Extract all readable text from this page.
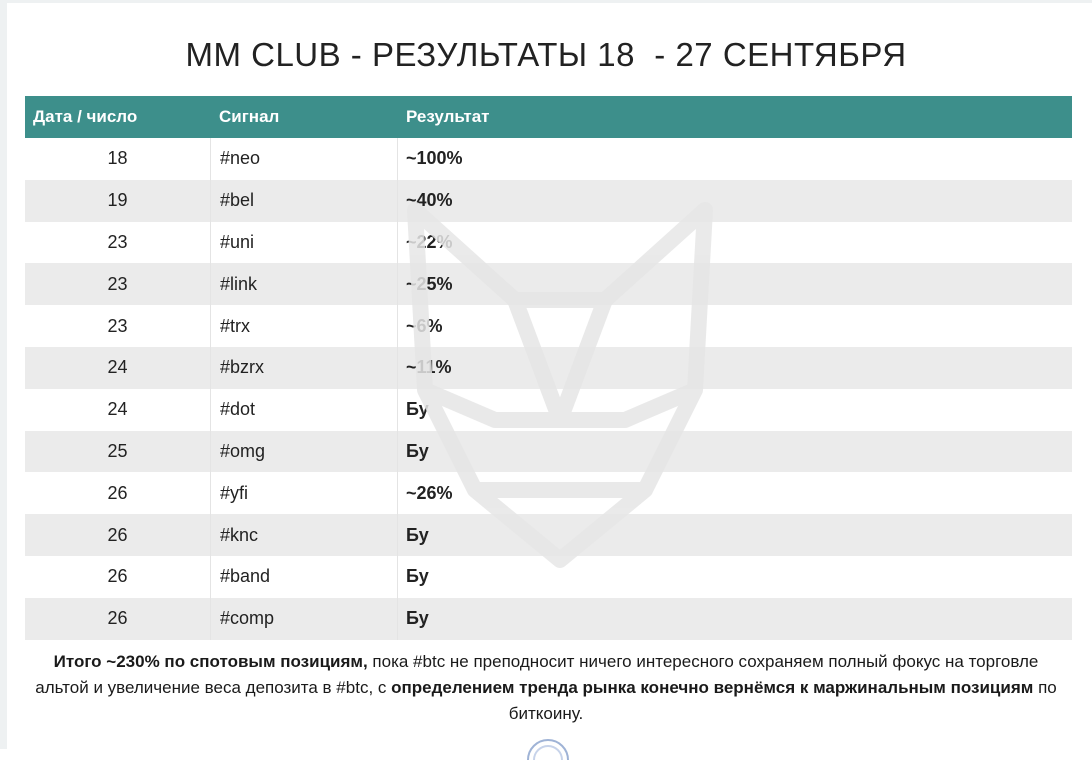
MM CLUB - РЕЗУЛЬТАТЫ 18  - 27 СЕНТЯБРЯ
Дата / число	Сигнал	Результат
18	#neo	~100%
19	#bel	~40%
23	#uni	~22%
23	#link	~25%
23	#trx	~6%
24	#bzrx	~11%
24	#dot	Бу
25	#omg	Бу
26	#yfi	~26%
26	#knc	Бу
26	#band	Бу
26	#comp	Бу
Итого ~230% по спотовым позициям, пока #btc не преподносит ничего интересного сохраняем полный фокус на торговле альтой и увеличение веса депозита в #btc, с определением тренда рынка конечно вернёмся к маржинальным позициям по биткоину.
